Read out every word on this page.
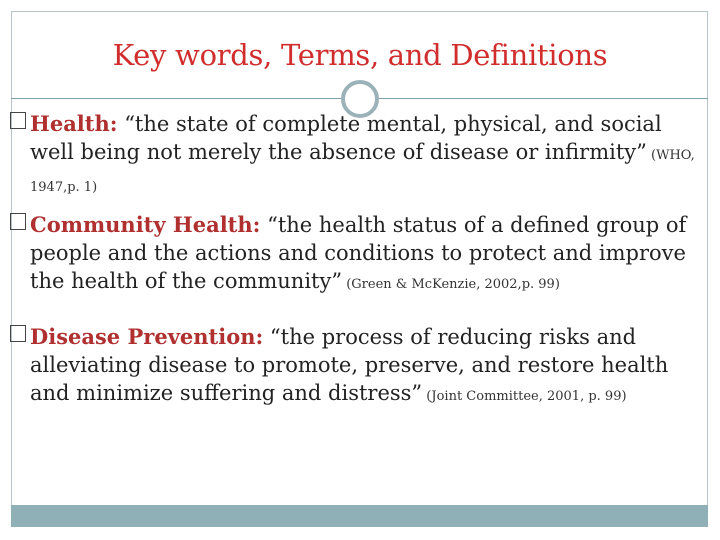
Key words, Terms, and Definitions
Health: “the state of complete mental, physical, and social well being not merely the absence of disease or infirmity” (WHO, 1947,p. 1)
Community Health: “the health status of a defined group of people and the actions and conditions to protect and improve the health of the community” (Green & McKenzie, 2002,p. 99)
Disease Prevention: “the process of reducing risks and alleviating disease to promote, preserve, and restore health and minimize suffering and distress” (Joint Committee, 2001, p. 99)
